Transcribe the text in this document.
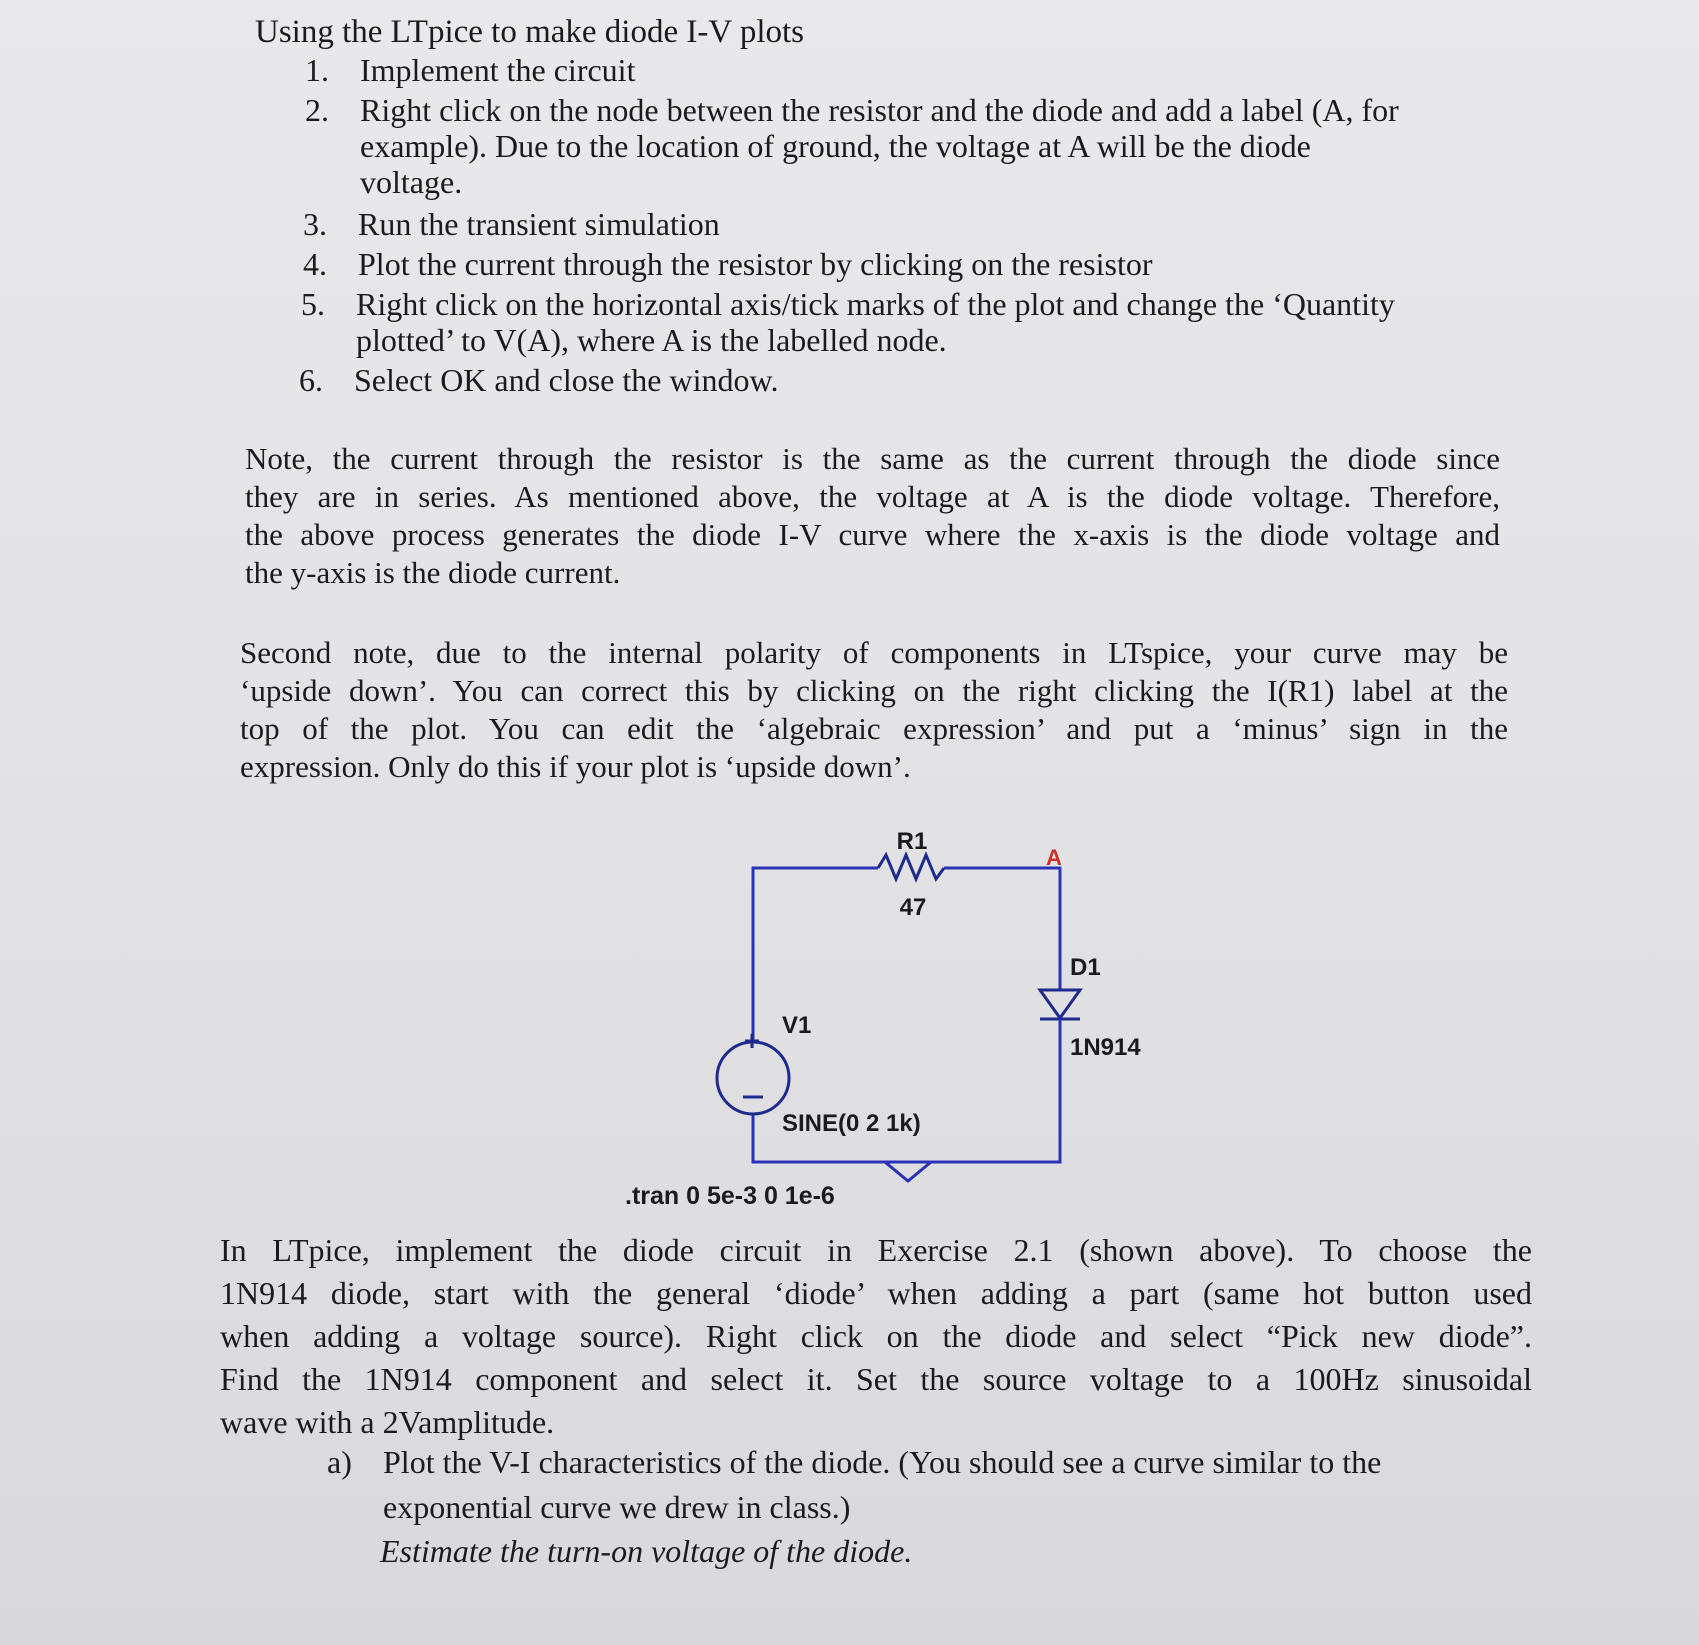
Using the LTpice to make diode I-V plots
1. Implement the circuit
2. Right click on the node between the resistor and the diode and add a label (A, for
example). Due to the location of ground, the voltage at A will be the diode
voltage.
3. Run the transient simulation
4. Plot the current through the resistor by clicking on the resistor
5. Right click on the horizontal axis/tick marks of the plot and change the ‘Quantity
plotted’ to V(A), where A is the labelled node.
6. Select OK and close the window.
Note, the current through the resistor is the same as the current through the diode since
they are in series. As mentioned above, the voltage at A is the diode voltage. Therefore,
the above process generates the diode I-V curve where the x-axis is the diode voltage and
the y-axis is the diode current.
Second note, due to the internal polarity of components in LTspice, your curve may be
‘upside down’. You can correct this by clicking on the right clicking the I(R1) label at the
top of the plot. You can edit the ‘algebraic expression’ and put a ‘minus’ sign in the
expression. Only do this if your plot is ‘upside down’.
+
R1
47
A
D1
1N914
V1
SINE(0 2 1k)
.tran 0 5e-3 0 1e-6
In LTpice, implement the diode circuit in Exercise 2.1 (shown above). To choose the
1N914 diode, start with the general ‘diode’ when adding a part (same hot button used
when adding a voltage source). Right click on the diode and select “Pick new diode”.
Find the 1N914 component and select it. Set the source voltage to a 100Hz sinusoidal
wave with a 2Vamplitude.
a) Plot the V-I characteristics of the diode. (You should see a curve similar to the
exponential curve we drew in class.)
Estimate the turn-on voltage of the diode.
